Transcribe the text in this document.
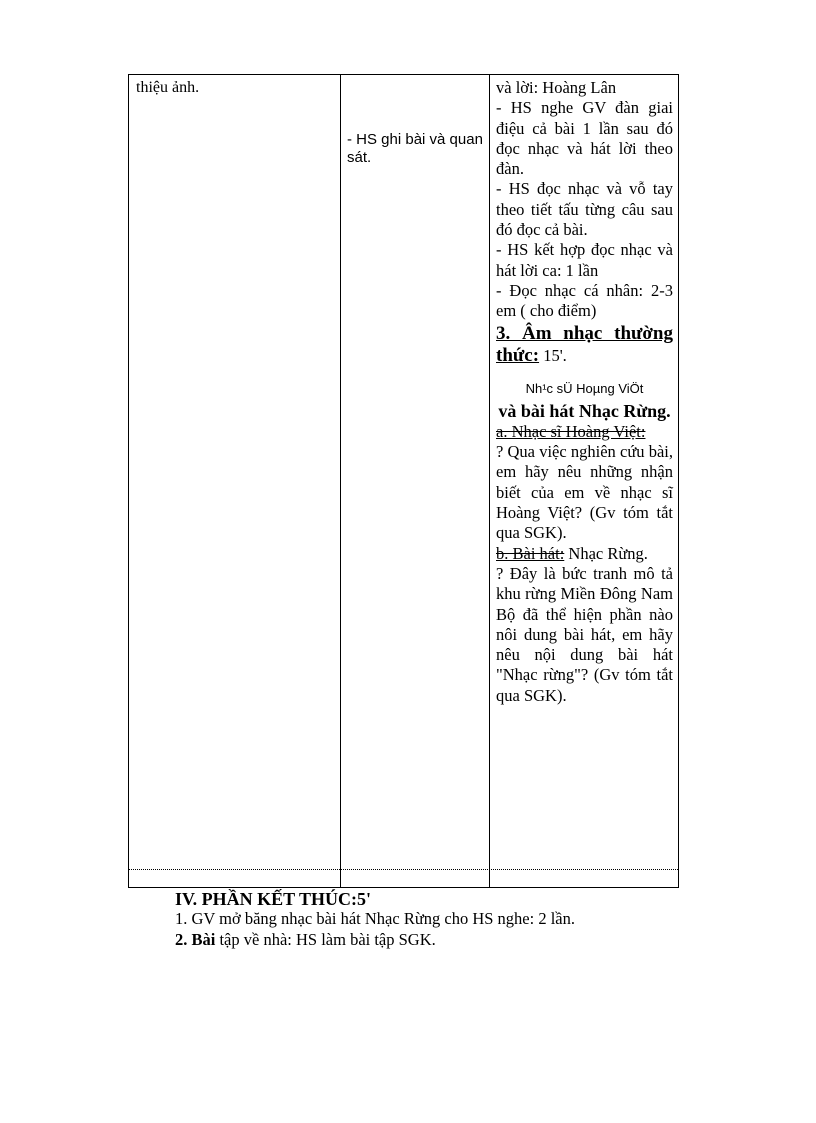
thiệu ảnh.
- HS ghi bài và quan sát.
và lời: Hoàng Lân
- HS nghe GV đàn giai điệu cả bài 1 lần sau đó đọc nhạc và hát lời theo đàn.
- HS đọc nhạc và vỗ tay theo tiết tấu từng câu sau đó đọc cả bài.
- HS kết hợp đọc nhạc và hát lời ca: 1 lần
- Đọc nhạc cá nhân: 2-3 em ( cho điểm)
3. Âm nhạc thường thức: 15'.
Nh¹c sÜ Hoµng ViÖt
và bài hát Nhạc Rừng.
a. Nhạc sĩ Hoàng Việt:
? Qua việc nghiên cứu bài, em hãy nêu những nhận biết của em về nhạc sĩ Hoàng Việt? (Gv tóm tắt qua SGK).
b. Bài hát: Nhạc Rừng.
? Đây là bức tranh mô tả khu rừng Miền Đông Nam Bộ đã thể hiện phần nào nôi dung bài hát, em hãy nêu nội dung bài hát "Nhạc rừng"? (Gv tóm tắt qua SGK).
IV. PHẦN KẾT THÚC:5'
1. GV mở băng nhạc bài hát Nhạc Rừng cho HS nghe: 2 lần.
2. Bài tập về nhà: HS làm bài tập SGK.
